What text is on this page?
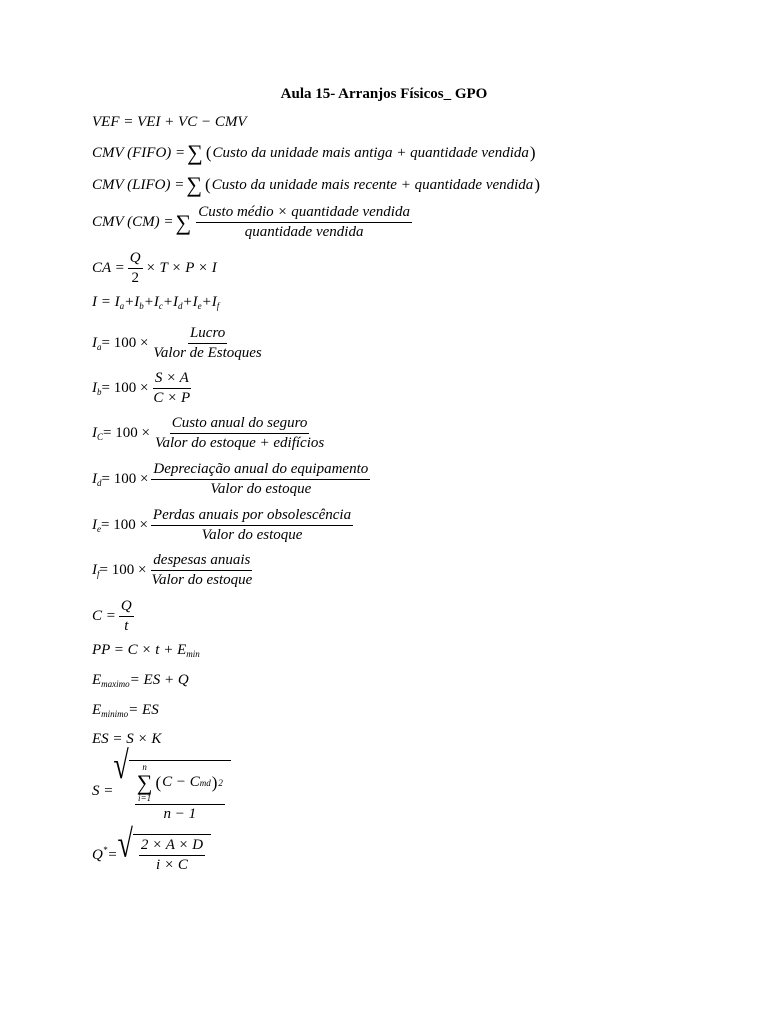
Aula 15- Arranjos Físicos_ GPO
VEF = VEI + VC − CMV
CMV (FIFO) = ∑ ( Custo da unidade mais antiga + quantidade vendida )
CMV (LIFO) = ∑ ( Custo da unidade mais recente + quantidade vendida )
CMV (CM) = ∑ $\frac{\text{Custo médio × quantidade vendida}}{\text{quantidade vendida}}$
CA = $\frac{Q}{2} \times T \times P \times I$
$I = I_a+I_b+I_c+I_d+I_e+I_f$
$I_a = 100 \times \frac{\text{Lucro}}{\text{Valor de Estoques}}$
$I_b = 100 \times \frac{S \times A}{C \times P}$
$I_C = 100 \times \frac{\text{Custo anual do seguro}}{\text{Valor do estoque + edifícios}}$
$I_d = 100 \times \frac{\text{Depreciação anual do equipamento}}{\text{Valor do estoque}}$
$I_e = 100 \times \frac{\text{Perdas anuais por obsolescência}}{\text{Valor do estoque}}$
$I_f = 100 \times \frac{\text{despesas anuais}}{\text{Valor do estoque}}$
$C = \frac{Q}{t}$
PP = $C \times t + E_{min}$
$E_{maximo}=$ ES + Q
$E_{minimo}=$ ES
ES = S × K
S =
√ n
∑
i=1
( C − C md ) 2
n − 1
Q*= √ $\frac{2 \times A \times D}{i \times C}$
